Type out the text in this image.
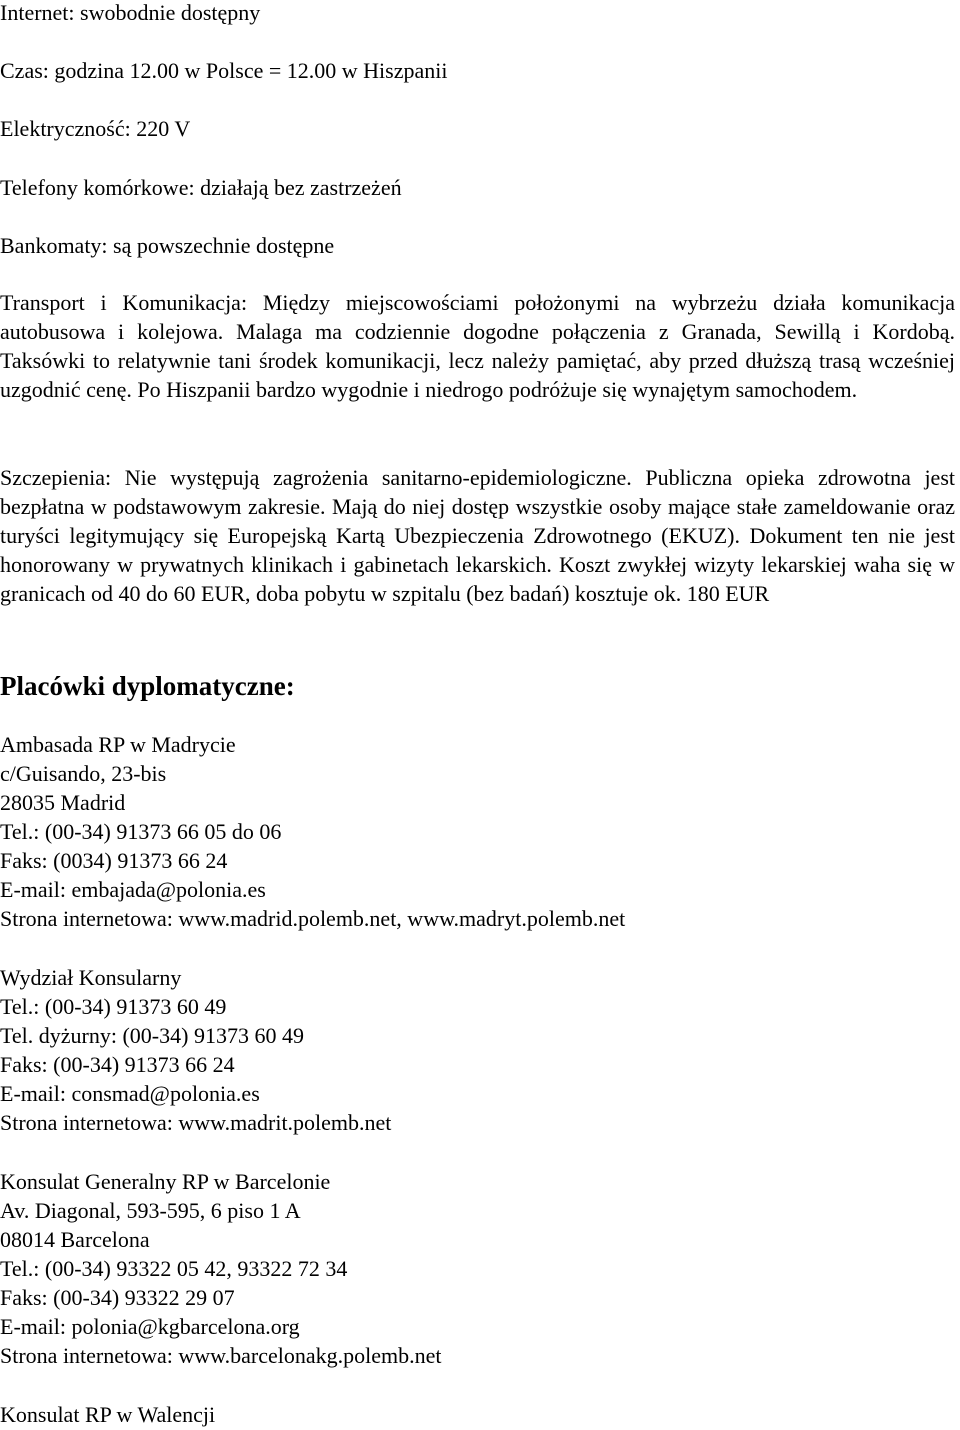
Internet: swobodnie dostępny
Czas: godzina 12.00 w Polsce = 12.00 w Hiszpanii
Elektryczność: 220 V
Telefony komórkowe: działają bez zastrzeżeń
Bankomaty: są powszechnie dostępne
Transport i Komunikacja: Między miejscowościami położonymi na wybrzeżu działa komunikacja autobusowa i kolejowa. Malaga ma codziennie dogodne połączenia z Granada, Sewillą i Kordobą. Taksówki to relatywnie tani środek komunikacji, lecz należy pamiętać, aby przed dłuższą trasą wcześniej uzgodnić cenę. Po Hiszpanii bardzo wygodnie i niedrogo podróżuje się wynajętym samochodem.
Szczepienia: Nie występują zagrożenia sanitarno-epidemiologiczne. Publiczna opieka zdrowotna jest bezpłatna w podstawowym zakresie. Mają do niej dostęp wszystkie osoby mające stałe zameldowanie oraz turyści legitymujący się Europejską Kartą Ubezpieczenia Zdrowotnego (EKUZ). Dokument ten nie jest honorowany w prywatnych klinikach i gabinetach lekarskich. Koszt zwykłej wizyty lekarskiej waha się w granicach od 40 do 60 EUR, doba pobytu w szpitalu (bez badań) kosztuje ok. 180 EUR
Placówki dyplomatyczne:
Ambasada RP w Madrycie
c/Guisando, 23-bis
28035 Madrid
Tel.: (00-34) 91373 66 05 do 06
Faks: (0034) 91373 66 24
E-mail: embajada@polonia.es
Strona internetowa: www.madrid.polemb.net, www.madryt.polemb.net
Wydział Konsularny
Tel.: (00-34) 91373 60 49
Tel. dyżurny: (00-34) 91373 60 49
Faks: (00-34) 91373 66 24
E-mail: consmad@polonia.es
Strona internetowa: www.madrit.polemb.net
Konsulat Generalny RP w Barcelonie
Av. Diagonal, 593-595, 6 piso 1 A
08014 Barcelona
Tel.: (00-34) 93322 05 42, 93322 72 34
Faks: (00-34) 93322 29 07
E-mail: polonia@kgbarcelona.org
Strona internetowa: www.barcelonakg.polemb.net
Konsulat RP w Walencji
